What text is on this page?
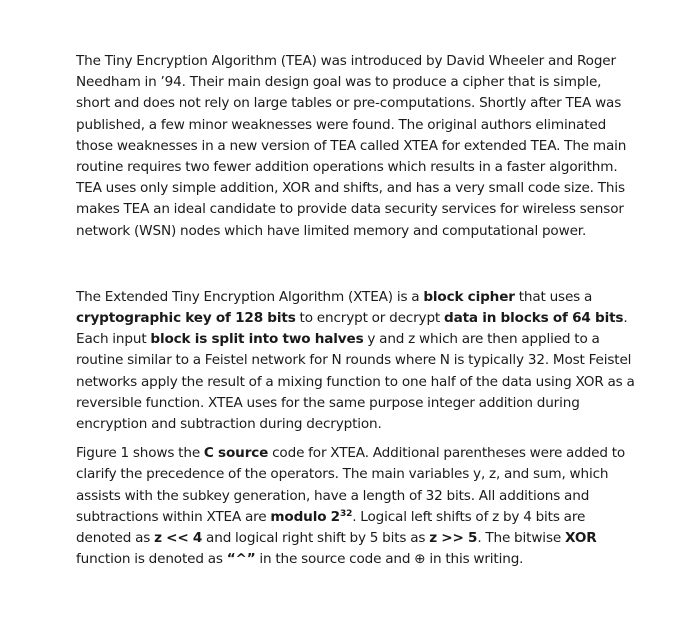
The Tiny Encryption Algorithm (TEA) was introduced by David Wheeler and Roger Needham in ’94. Their main design goal was to produce a cipher that is simple, short and does not rely on large tables or pre-computations. Shortly after TEA was published, a few minor weaknesses were found. The original authors eliminated those weaknesses in a new version of TEA called XTEA for extended TEA. The main routine requires two fewer addition operations which results in a faster algorithm. TEA uses only simple addition, XOR and shifts, and has a very small code size. This makes TEA an ideal candidate to provide data security services for wireless sensor network (WSN) nodes which have limited memory and computational power.

The Extended Tiny Encryption Algorithm (XTEA) is a block cipher that uses a cryptographic key of 128 bits to encrypt or decrypt data in blocks of 64 bits. Each input block is split into two halves y and z which are then applied to a routine similar to a Feistel network for N rounds where N is typically 32. Most Feistel networks apply the result of a mixing function to one half of the data using XOR as a reversible function. XTEA uses for the same purpose integer addition during encryption and subtraction during decryption.

Figure 1 shows the C source code for XTEA. Additional parentheses were added to clarify the precedence of the operators. The main variables y, z, and sum, which assists with the subkey generation, have a length of 32 bits. All additions and subtractions within XTEA are modulo $2^{32}$. Logical left shifts of z by 4 bits are denoted as z << 4 and logical right shift by 5 bits as z >> 5. The bitwise XOR function is denoted as “^” in the source code and ⊕ in this writing.
